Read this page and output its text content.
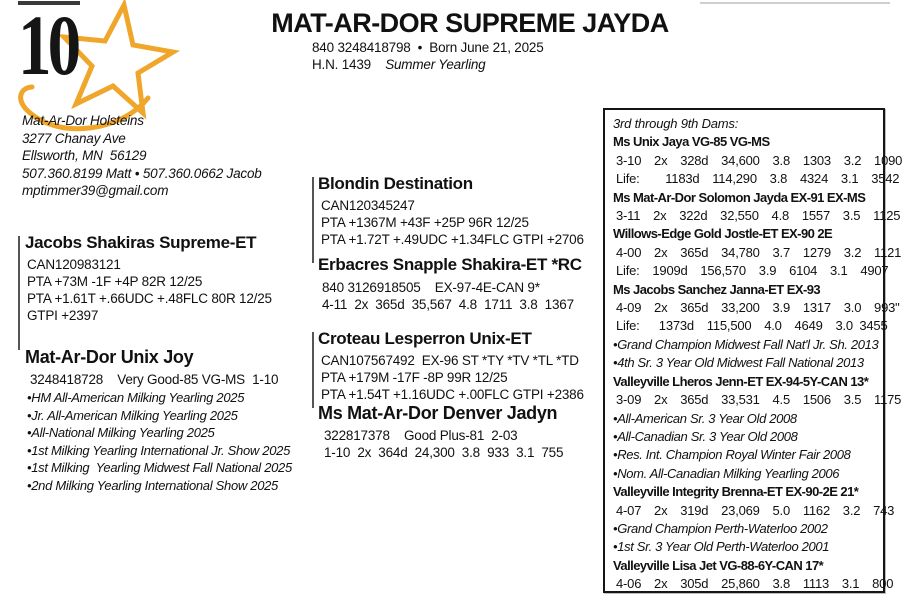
10	MAT-AR-DOR SUPREME JAYDA
840 3248418798  •  Born June 21, 2025
H.N. 1439    Summer Yearling
Mat-Ar-Dor Holsteins
3277 Chanay Ave
Ellsworth, MN  56129
507.360.8199 Matt • 507.360.0662 Jacob
mptimmer39@gmail.com
Jacobs Shakiras Supreme-ET
CAN120983121
PTA +73M -1F +4P 82R 12/25
PTA +1.61T +.66UDC +.48FLC 80R 12/25
GTPI +2397
Mat-Ar-Dor Unix Joy
3248418728    Very Good-85 VG-MS  1-10
•HM All-American Milking Yearling 2025
•Jr. All-American Milking Yearling 2025
•All-National Milking Yearling 2025
•1st Milking Yearling International Jr. Show 2025
•1st Milking  Yearling Midwest Fall National 2025
•2nd Milking Yearling International Show 2025
Blondin Destination
CAN120345247
PTA +1367M +43F +25P 96R 12/25
PTA +1.72T +.49UDC +1.34FLC GTPI +2706
Erbacres Snapple Shakira-ET *RC
840 3126918505    EX-97-4E-CAN 9*
4-11  2x  365d  35,567  4.8  1711  3.8  1367
Croteau Lesperron Unix-ET
CAN107567492  EX-96 ST *TY *TV *TL *TD
PTA +179M -17F -8P 99R 12/25
PTA +1.54T +1.16UDC +.00FLC GTPI +2386
Ms Mat-Ar-Dor Denver Jadyn
322817378    Good Plus-81  2-03
1-10  2x  364d  24,300  3.8  933  3.1  755
3rd through 9th Dams:
Ms Unix Jaya VG-85 VG-MS
3-10  2x  328d  34,600  3.8  1303  3.2  1090
Life:    1183d  114,290  3.8  4324  3.1  3542
Ms Mat-Ar-Dor Solomon Jayda EX-91 EX-MS
3-11  2x  322d  32,550  4.8  1557  3.5  1125
Willows-Edge Gold Jostle-ET EX-90 2E
4-00  2x  365d  34,780  3.7  1279  3.2  1121
Life:  1909d  156,570  3.9  6104  3.1  4907
Ms Jacobs Sanchez Janna-ET EX-93
4-09  2x  365d  33,200  3.9  1317  3.0  993"
Life:   1373d  115,500  4.0  4649  3.0 3455
•Grand Champion Midwest Fall Nat'l Jr. Sh. 2013
•4th Sr. 3 Year Old Midwest Fall National 2013
Valleyville Lheros Jenn-ET EX-94-5Y-CAN 13*
3-09  2x  365d  33,531  4.5  1506  3.5  1175
•All-American Sr. 3 Year Old 2008
•All-Canadian Sr. 3 Year Old 2008
•Res. Int. Champion Royal Winter Fair 2008
•Nom. All-Canadian Milking Yearling 2006
Valleyville Integrity Brenna-ET EX-90-2E 21*
4-07  2x  319d  23,069  5.0  1162  3.2  743
•Grand Champion Perth-Waterloo 2002
•1st Sr. 3 Year Old Perth-Waterloo 2001
Valleyville Lisa Jet VG-88-6Y-CAN 17*
4-06  2x  305d  25,860  3.8  1113  3.1  800
